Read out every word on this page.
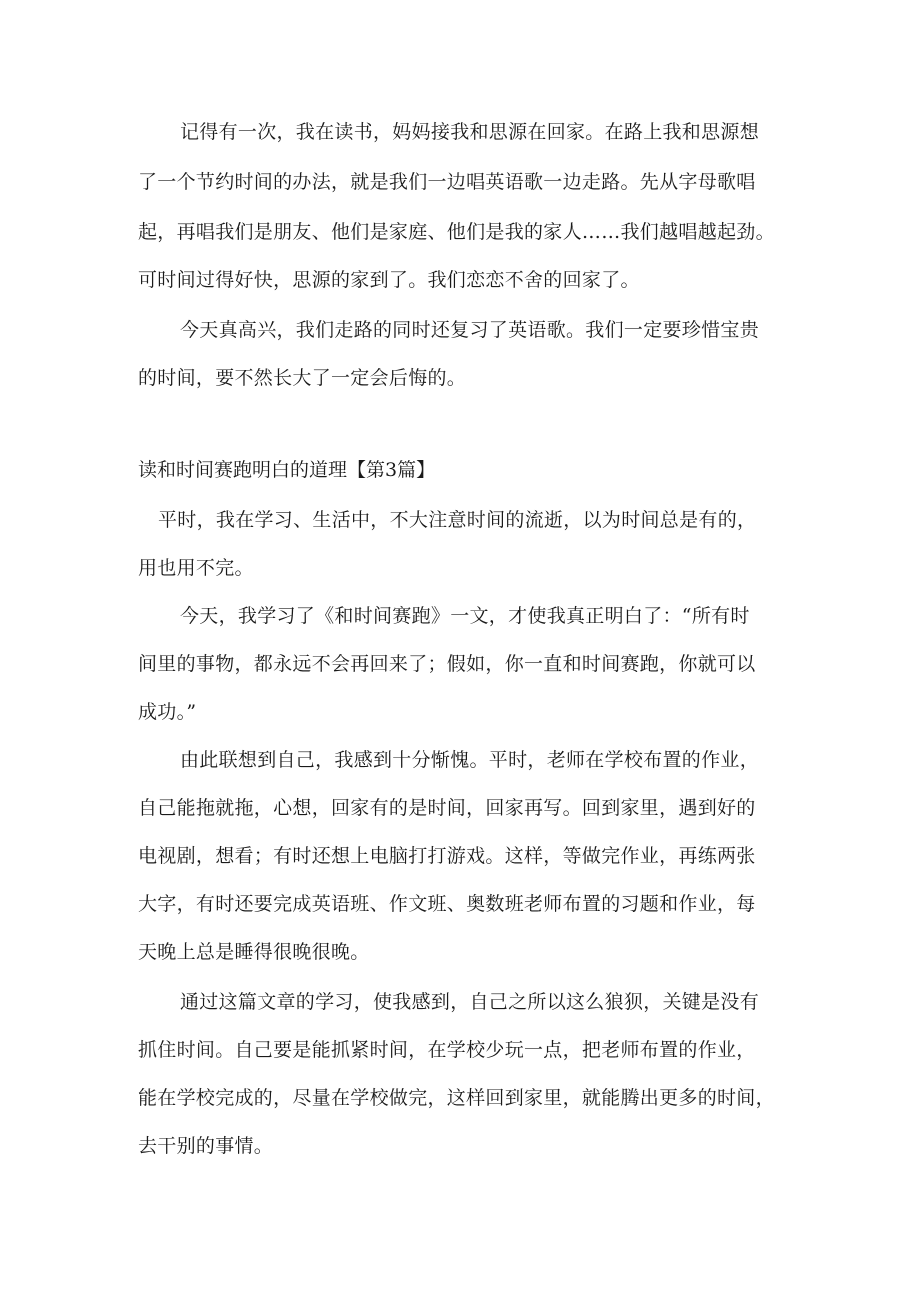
记得有一次，我在读书，妈妈接我和思源在回家。在路上我和思源想

了一个节约时间的办法，就是我们一边唱英语歌一边走路。先从字母歌唱

起，再唱我们是朋友、他们是家庭、他们是我的家人……我们越唱越起劲。

可时间过得好快，思源的家到了。我们恋恋不舍的回家了。

今天真高兴，我们走路的同时还复习了英语歌。我们一定要珍惜宝贵

的时间，要不然长大了一定会后悔的。

读和时间赛跑明白的道理【第3篇】

平时，我在学习、生活中，不大注意时间的流逝，以为时间总是有的，

用也用不完。

今天，我学习了《和时间赛跑》一文，才使我真正明白了：“所有时

间里的事物，都永远不会再回来了；假如，你一直和时间赛跑，你就可以

成功。”

由此联想到自己，我感到十分惭愧。平时，老师在学校布置的作业，

自己能拖就拖，心想，回家有的是时间，回家再写。回到家里，遇到好的

电视剧，想看；有时还想上电脑打打游戏。这样，等做完作业，再练两张

大字，有时还要完成英语班、作文班、奥数班老师布置的习题和作业，每

天晚上总是睡得很晚很晚。

通过这篇文章的学习，使我感到，自己之所以这么狼狈，关键是没有

抓住时间。自己要是能抓紧时间，在学校少玩一点，把老师布置的作业，

能在学校完成的，尽量在学校做完，这样回到家里，就能腾出更多的时间，

去干别的事情。
